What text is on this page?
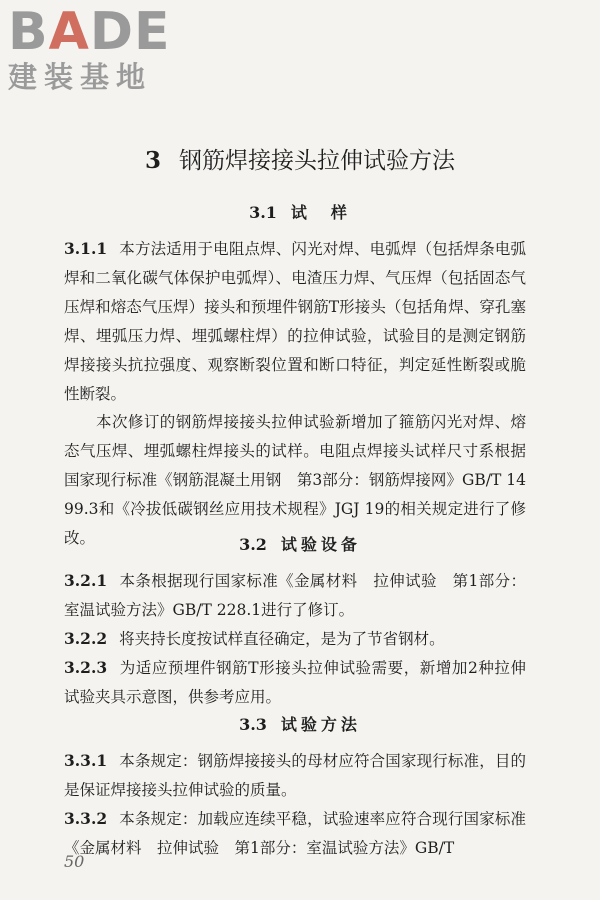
BADE
建装基地
3 钢筋焊接接头拉伸试验方法
3.1 试　样

3.1.1 本方法适用于电阻点焊、闪光对焊、电弧焊（包括焊条电弧焊和二氧化碳气体保护电弧焊）、电渣压力焊、气压焊（包括固态气压焊和熔态气压焊）接头和预埋件钢筋T形接头（包括角焊、穿孔塞焊、埋弧压力焊、埋弧螺柱焊）的拉伸试验，试验目的是测定钢筋焊接接头抗拉强度、观察断裂位置和断口特征，判定延性断裂或脆性断裂。

本次修订的钢筋焊接接头拉伸试验新增加了箍筋闪光对焊、熔态气压焊、埋弧螺柱焊接头的试样。电阻点焊接头试样尺寸系根据国家现行标准《钢筋混凝土用钢　第3部分：钢筋焊接网》GB/T 1499.3和《冷拔低碳钢丝应用技术规程》JGJ 19的相关规定进行了修改。	3.2 试验设备

3.2.1 本条根据现行国家标准《金属材料　拉伸试验　第1部分：室温试验方法》GB/T 228.1进行了修订。

3.2.2 将夹持长度按试样直径确定，是为了节省钢材。

3.2.3 为适应预埋件钢筋T形接头拉伸试验需要，新增加2种拉伸试验夹具示意图，供参考应用。

3.3 试验方法

3.3.1 本条规定：钢筋焊接接头的母材应符合国家现行标准，目的是保证焊接接头拉伸试验的质量。

3.3.2 本条规定：加载应连续平稳，试验速率应符合现行国家标准《金属材料　拉伸试验　第1部分：室温试验方法》GB/T

50
